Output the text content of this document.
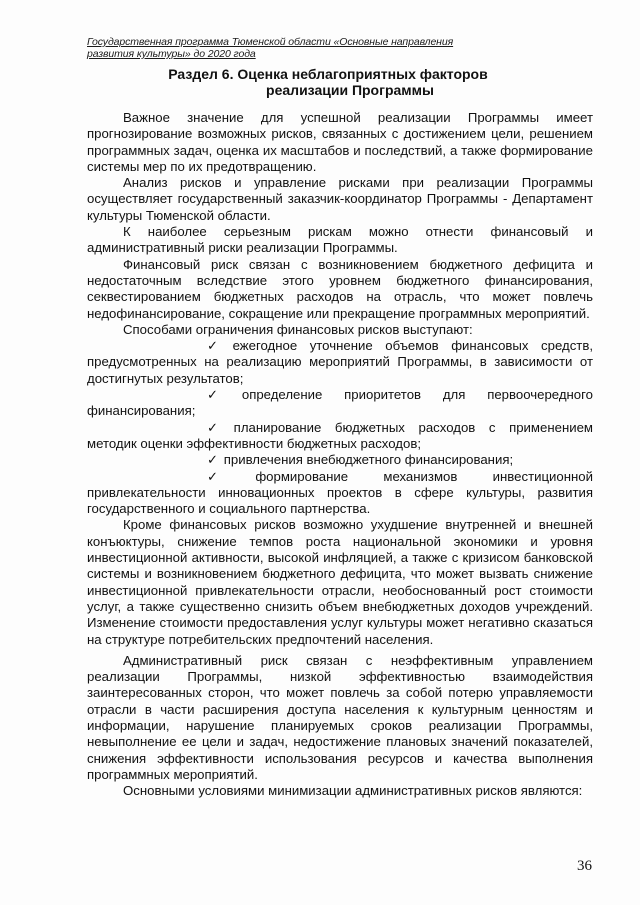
Государственная программа Тюменской области «Основные направления
развития культуры» до 2020 года
Раздел 6. Оценка неблагоприятных факторов
реализации Программы

Важное значение для успешной реализации Программы имеет прогнозирование возможных рисков, связанных с достижением цели, решением программных задач, оценка их масштабов и последствий, а также формирование системы мер по их предотвращению.

Анализ рисков и управление рисками при реализации Программы осуществляет государственный заказчик-координатор Программы - Департамент культуры Тюменской области.

К наиболее серьезным рискам можно отнести финансовый и административный риски реализации Программы.

Финансовый риск связан с возникновением бюджетного дефицита и недостаточным вследствие этого уровнем бюджетного финансирования, секвестированием бюджетных расходов на отрасль, что может повлечь недофинансирование, сокращение или прекращение программных мероприятий.

Способами ограничения финансовых рисков выступают:

✓ ежегодное уточнение объемов финансовых средств, предусмотренных на реализацию мероприятий Программы, в зависимости от достигнутых результатов;

✓ определение приоритетов для первоочередного финансирования;

✓ планирование бюджетных расходов с применением методик оценки эффективности бюджетных расходов;

✓ привлечения внебюджетного финансирования;

✓	формирование механизмов инвестиционной привлекательности инновационных проектов в сфере культуры, развития государственного и социального партнерства.

Кроме финансовых рисков возможно ухудшение внутренней и внешней конъюктуры, снижение темпов роста национальной экономики и уровня инвестиционной активности, высокой инфляцией, а также с кризисом банковской системы и возникновением бюджетного дефицита, что может вызвать снижение инвестиционной привлекательности отрасли, необоснованный рост стоимости услуг, а также существенно снизить объем внебюджетных доходов учреждений. Изменение стоимости предоставления услуг культуры может негативно сказаться на структуре потребительских предпочтений населения.

Административный риск связан с неэффективным управлением реализации Программы, низкой эффективностью взаимодействия заинтересованных сторон, что может повлечь за собой потерю управляемости отрасли в части расширения доступа населения к культурным ценностям и информации, нарушение планируемых сроков реализации Программы, невыполнение ее цели и задач, недостижение плановых значений показателей, снижения эффективности использования ресурсов и качества выполнения программных мероприятий.

Основными условиями минимизации административных рисков являются:

36
